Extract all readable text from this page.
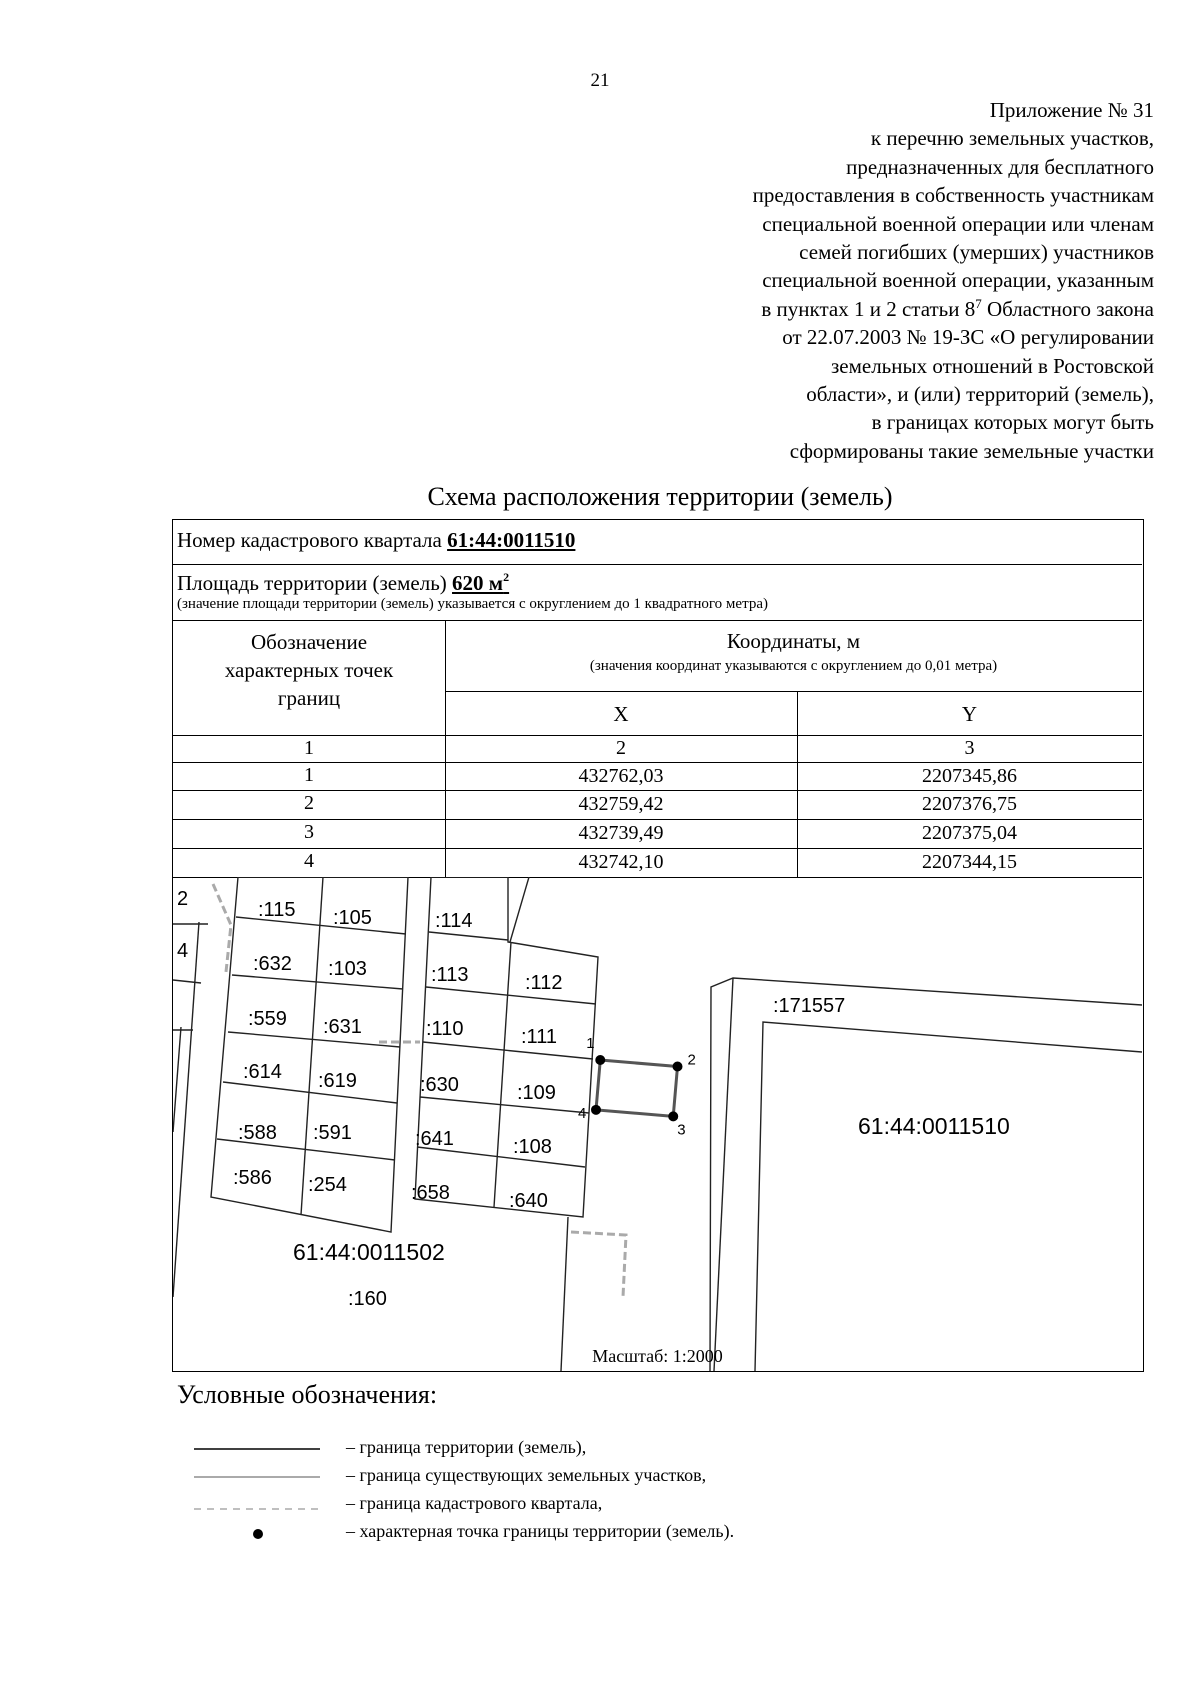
21
Приложение № 31
к перечню земельных участков,
предназначенных для бесплатного
предоставления в собственность участникам
специальной военной операции или членам
семей погибших (умерших) участников
специальной военной операции, указанным
в пунктах 1 и 2 статьи $8^7$ Областного закона
от 22.07.2003 № 19-ЗС «О регулировании
земельных отношений в Ростовской
области», и (или) территорий (земель),
в границах которых могут быть
сформированы такие земельные участки
Схема расположения территории (земель)
Номер кадастрового квартала 61:44:0011510
Площадь территории (земель) 620 $м^2$
(значение площади территории (земель) указывается с округлением до 1 квадратного метра)
Обозначение
характерных точек
границ
Координаты, м
(значения координат указываются с округлением до 0,01 метра)
X	Y
1	2	3
1	432762,03	2207345,86
2	432759,42	2207376,75
3	432739,49	2207375,04
4	432742,10	2207344,15
2
4
:115 :105
:632 :103
:559 :631
:614 :619
:588 :591
:586 :254
:114
:113	:112
:110	:111
:630	:109
:641	:108
:658	:640
61:44:0011502
:160
:171557
61:44:0011510
1
2
3
4
Масштаб: 1:2000
Условные обозначения:
– граница территории (земель),
– граница существующих земельных участков,
– граница кадастрового квартала,
– характерная точка границы территории (земель).
